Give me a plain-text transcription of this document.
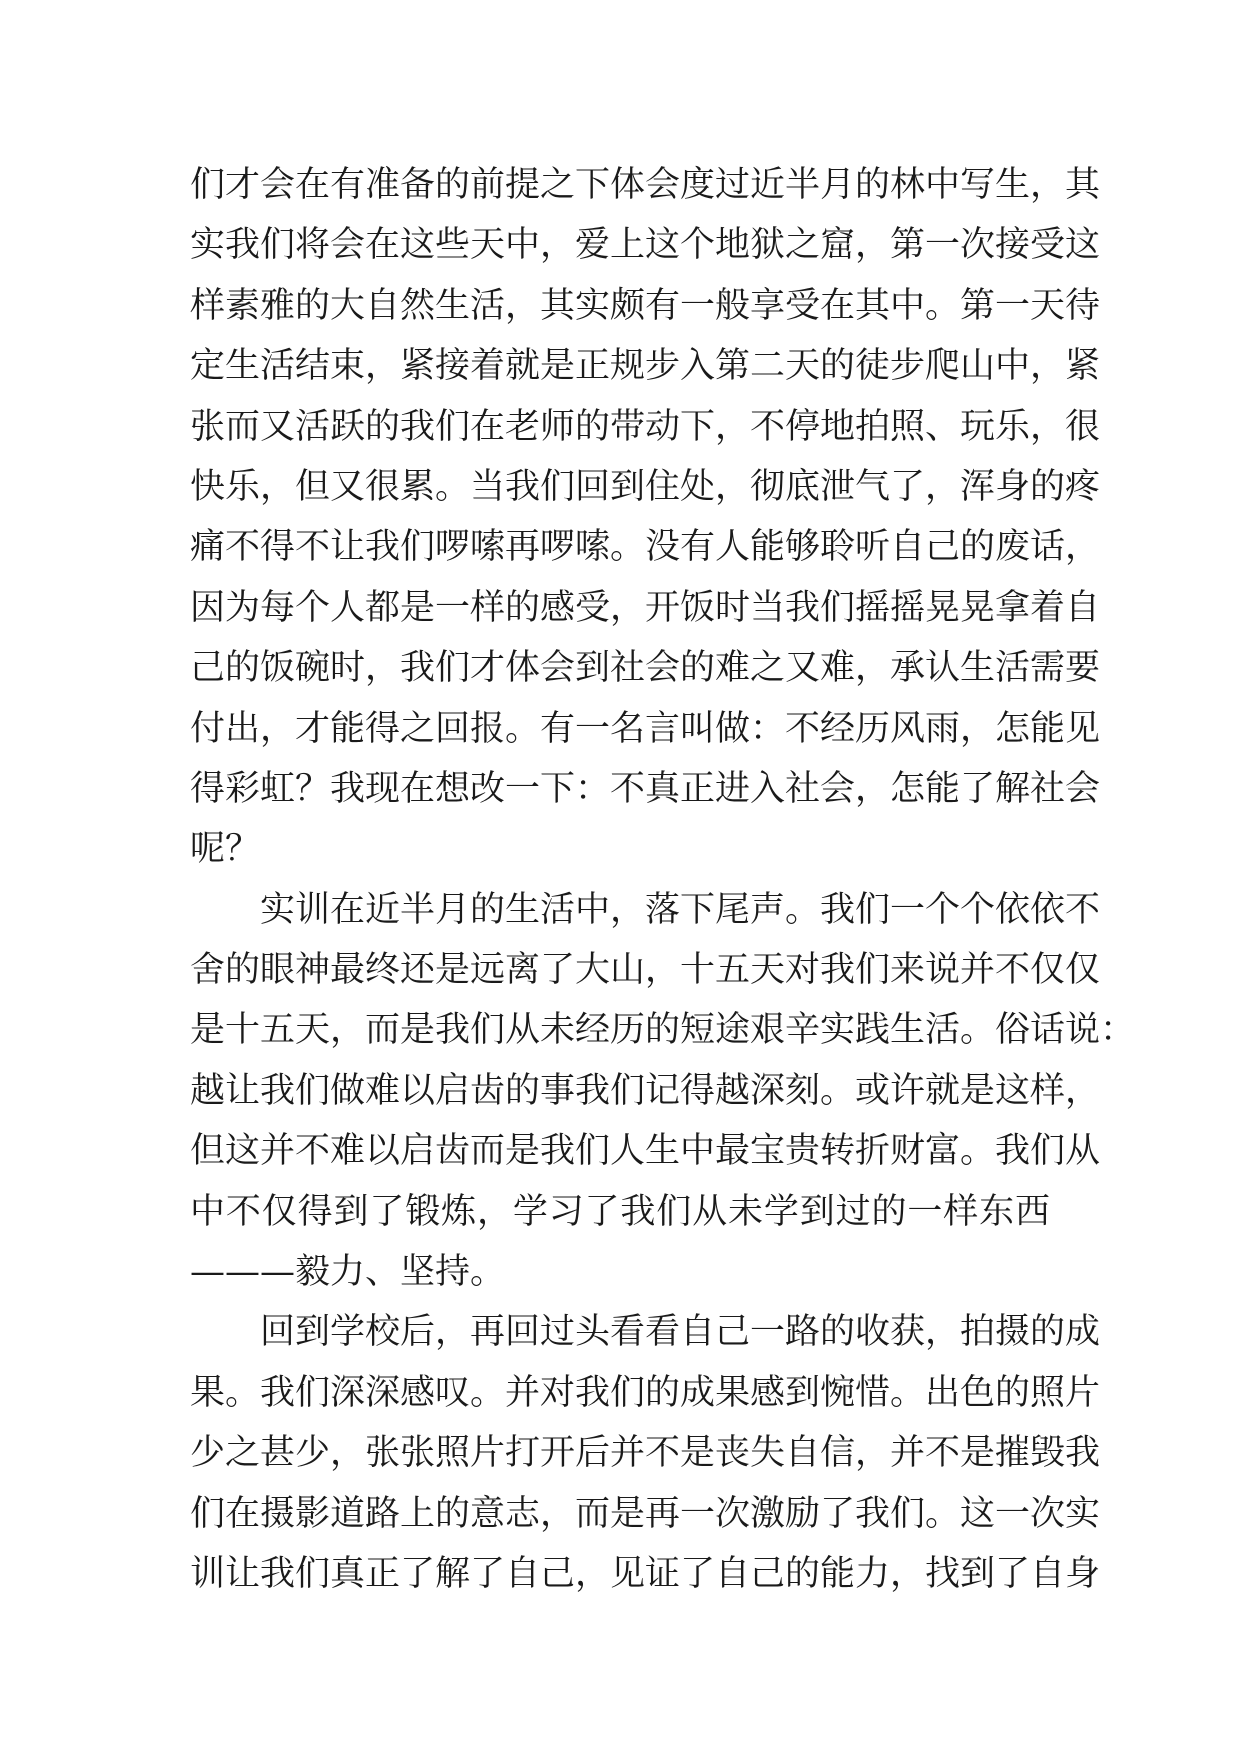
们才会在有准备的前提之下体会度过近半月的林中写生，其
实我们将会在这些天中，爱上这个地狱之窟，第一次接受这
样素雅的大自然生活，其实颇有一般享受在其中。第一天待
定生活结束，紧接着就是正规步入第二天的徒步爬山中，紧
张而又活跃的我们在老师的带动下，不停地拍照、玩乐，很
快乐，但又很累。当我们回到住处，彻底泄气了，浑身的疼
痛不得不让我们啰嗦再啰嗦。没有人能够聆听自己的废话，
因为每个人都是一样的感受，开饭时当我们摇摇晃晃拿着自
己的饭碗时，我们才体会到社会的难之又难，承认生活需要
付出，才能得之回报。有一名言叫做：不经历风雨，怎能见
得彩虹？我现在想改一下：不真正进入社会，怎能了解社会
呢？
实训在近半月的生活中，落下尾声。我们一个个依依不
舍的眼神最终还是远离了大山，十五天对我们来说并不仅仅
是十五天，而是我们从未经历的短途艰辛实践生活。俗话说：
越让我们做难以启齿的事我们记得越深刻。或许就是这样，
但这并不难以启齿而是我们人生中最宝贵转折财富。我们从
中不仅得到了锻炼，学习了我们从未学到过的一样东西
———毅力、坚持。
回到学校后，再回过头看看自己一路的收获，拍摄的成
果。我们深深感叹。并对我们的成果感到惋惜。出色的照片
少之甚少，张张照片打开后并不是丧失自信，并不是摧毁我
们在摄影道路上的意志，而是再一次激励了我们。这一次实
训让我们真正了解了自己，见证了自己的能力，找到了自身
